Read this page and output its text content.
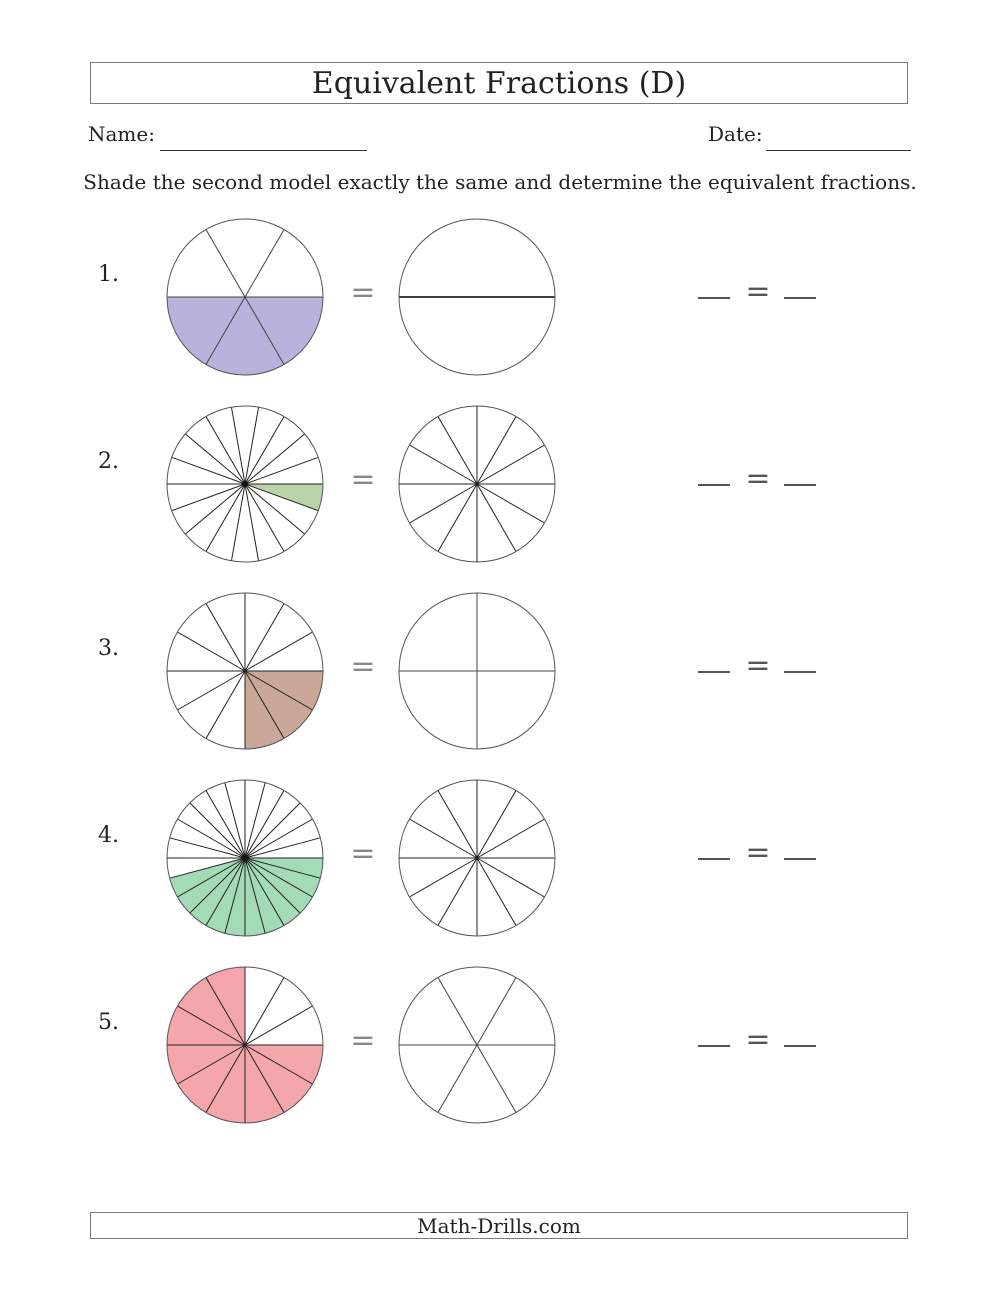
Equivalent Fractions (D)
Name:	Date:
Shade the second model exactly the same and determine the equivalent fractions.
1.
=	=
2.
=	=
3.
=	=
4.
=	=
5.
=	=
Math-Drills.com
